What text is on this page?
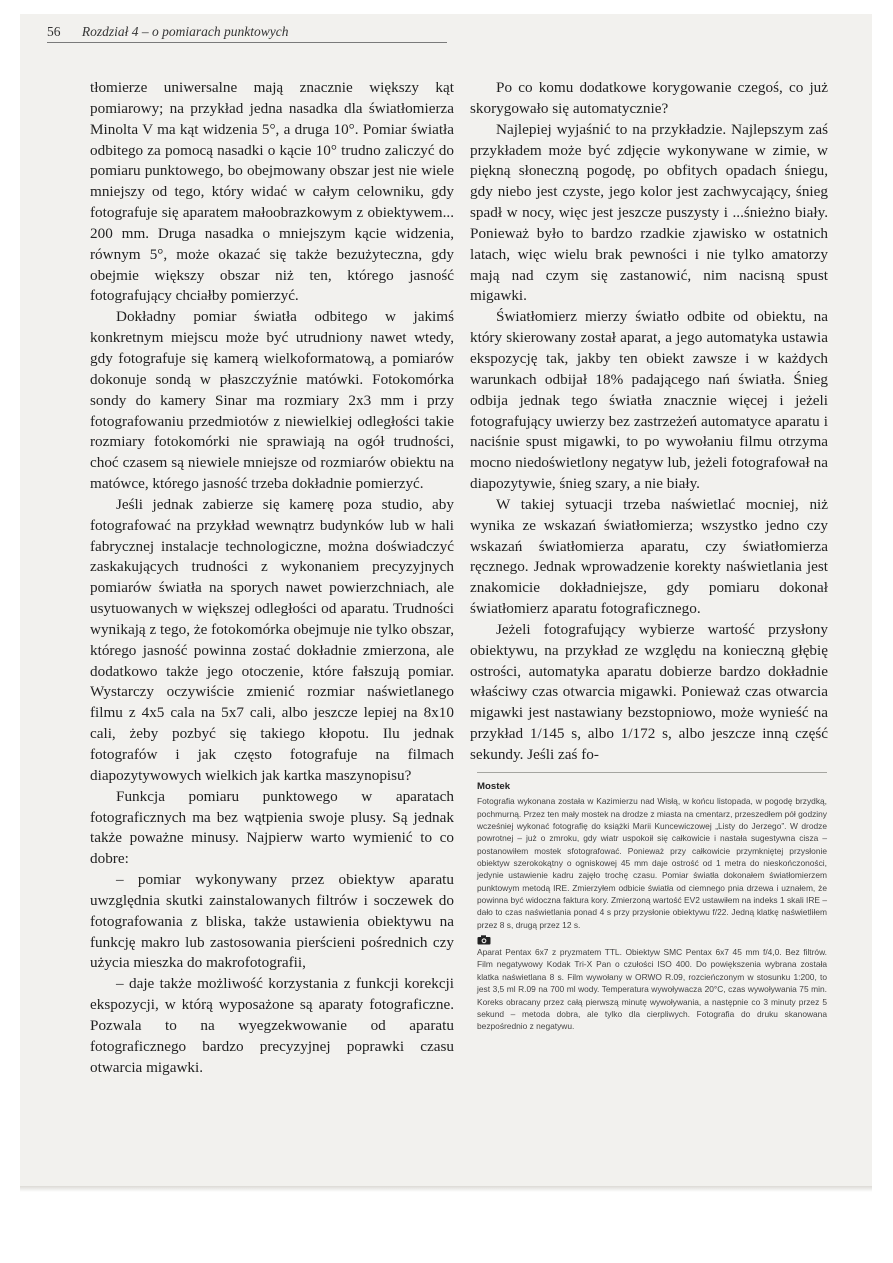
56 Rozdział 4 – o pomiarach punktowych

tłomierze uniwersalne mają znacznie większy kąt pomiarowy; na przykład jedna nasadka dla światłomierza Minolta V ma kąt widzenia 5°, a druga 10°. Pomiar światła odbitego za pomocą nasadki o kącie 10° trudno zaliczyć do pomiaru punktowego, bo obejmowany obszar jest nie wiele mniejszy od tego, który widać w całym celowniku, gdy fotografuje się aparatem małoobrazkowym z obiektywem... 200 mm. Druga nasadka o mniejszym kącie widzenia, równym 5°, może okazać się także bezużyteczna, gdy obejmie większy obszar niż ten, którego jasność fotografujący chciałby pomierzyć.

Dokładny pomiar światła odbitego w jakimś konkretnym miejscu może być utrudniony nawet wtedy, gdy fotografuje się kamerą wielkoformatową, a pomiarów dokonuje sondą w płaszczyźnie matówki. Fotokomórka sondy do kamery Sinar ma rozmiary 2x3 mm i przy fotografowaniu przedmiotów z niewielkiej odległości takie rozmiary fotokomórki nie sprawiają na ogół trudności, choć czasem są niewiele mniejsze od rozmiarów obiektu na matówce, którego jasność trzeba dokładnie pomierzyć.

Jeśli jednak zabierze się kamerę poza studio, aby fotografować na przykład wewnątrz budynków lub w hali fabrycznej instalacje technologiczne, można doświadczyć zaskakujących trudności z wykonaniem precyzyjnych pomiarów światła na sporych nawet powierzchniach, ale usytuowanych w większej odległości od aparatu. Trudności wynikają z tego, że fotokomórka obejmuje nie tylko obszar, którego jasność powinna zostać dokładnie zmierzona, ale dodatkowo także jego otoczenie, które fałszują pomiar. Wystarczy oczywiście zmienić rozmiar naświetlanego filmu z 4x5 cala na 5x7 cali, albo jeszcze lepiej na 8x10 cali, żeby pozbyć się takiego kłopotu. Ilu jednak fotografów i jak często fotografuje na filmach diapozytywowych wielkich jak kartka maszynopisu?

Funkcja pomiaru punktowego w aparatach fotograficznych ma bez wątpienia swoje plusy. Są jednak także poważne minusy. Najpierw warto wymienić to co dobre:

– pomiar wykonywany przez obiektyw aparatu uwzględnia skutki zainstalowanych filtrów i soczewek do fotografowania z bliska, także ustawienia obiektywu na funkcję makro lub zastosowania pierścieni pośrednich czy użycia mieszka do makrofotografii,

– daje także możliwość korzystania z funkcji korekcji ekspozycji, w którą wyposażone są aparaty fotograficzne. Pozwala to na wyegzekwowanie od aparatu fotograficznego bardzo precyzyjnej poprawki czasu otwarcia migawki.

Po co komu dodatkowe korygowanie czegoś, co już skorygowało się automatycznie?

Najlepiej wyjaśnić to na przykładzie. Najlepszym zaś przykładem może być zdjęcie wykonywane w zimie, w piękną słoneczną pogodę, po obfitych opadach śniegu, gdy niebo jest czyste, jego kolor jest zachwycający, śnieg spadł w nocy, więc jest jeszcze puszysty i ...śnieżno biały. Ponieważ było to bardzo rzadkie zjawisko w ostatnich latach, więc wielu brak pewności i nie tylko amatorzy mają nad czym się zastanowić, nim nacisną spust migawki.

Światłomierz mierzy światło odbite od obiektu, na który skierowany został aparat, a jego automatyka ustawia ekspozycję tak, jakby ten obiekt zawsze i w każdych warunkach odbijał 18% padającego nań światła. Śnieg odbija jednak tego światła znacznie więcej i jeżeli fotografujący uwierzy bez zastrzeżeń automatyce aparatu i naciśnie spust migawki, to po wywołaniu filmu otrzyma mocno niedoświetlony negatyw lub, jeżeli fotografował na diapozytywie, śnieg szary, a nie biały.

W takiej sytuacji trzeba naświetlać mocniej, niż wynika ze wskazań światłomierza; wszystko jedno czy wskazań światłomierza aparatu, czy światłomierza ręcznego. Jednak wprowadzenie korekty naświetlania jest znakomicie dokładniejsze, gdy pomiaru dokonał światłomierz aparatu fotograficznego.

Jeżeli fotografujący wybierze wartość przysłony obiektywu, na przykład ze względu na konieczną głębię ostrości, automatyka aparatu dobierze bardzo dokładnie właściwy czas otwarcia migawki. Ponieważ czas otwarcia migawki jest nastawiany bezstopniowo, może wynieść na przykład 1/145 s, albo 1/172 s, albo jeszcze inną część sekundy. Jeśli zaś fo-

Mostek

Fotografia wykonana została w Kazimierzu nad Wisłą, w końcu listopada, w pogodę brzydką, pochmurną. Przez ten mały mostek na drodze z miasta na cmentarz, przeszedłem pół godziny wcześniej wykonać fotografię do książki Marii Kuncewiczowej „Listy do Jerzego”. W drodze powrotnej – już o zmroku, gdy wiatr uspokoił się całkowicie i nastała sugestywna cisza – postanowiłem mostek sfotografować. Ponieważ przy całkowicie przymkniętej przysłonie obiektyw szerokokątny o ogniskowej 45 mm daje ostrość od 1 metra do nieskończoności, jedynie ustawienie kadru zajęło trochę czasu. Pomiar światła dokonałem światłomierzem punktowym metodą IRE. Zmierzyłem odbicie światła od ciemnego pnia drzewa i uznałem, że powinna być widoczna faktura kory. Zmierzoną wartość EV2 ustawiłem na indeks 1 skali IRE – dało to czas naświetlania ponad 4 s przy przysłonie obiektywu f/22. Jedną klatkę naświetliłem przez 8 s, drugą przez 12 s.

Aparat Pentax 6x7 z pryzmatem TTL. Obiektyw SMC Pentax 6x7 45 mm f/4,0. Bez filtrów. Film negatywowy Kodak Tri-X Pan o czułości ISO 400. Do powiększenia wybrana została klatka naświetlana 8 s. Film wywołany w ORWO R.09, rozcieńczonym w stosunku 1:200, to jest 3,5 ml R.09 na 700 ml wody. Temperatura wywoływacza 20°C, czas wywoływania 75 min. Koreks obracany przez całą pierwszą minutę wywoływania, a następnie co 3 minuty przez 5 sekund – metoda dobra, ale tylko dla cierpliwych. Fotografia do druku skanowana bezpośrednio z negatywu.
